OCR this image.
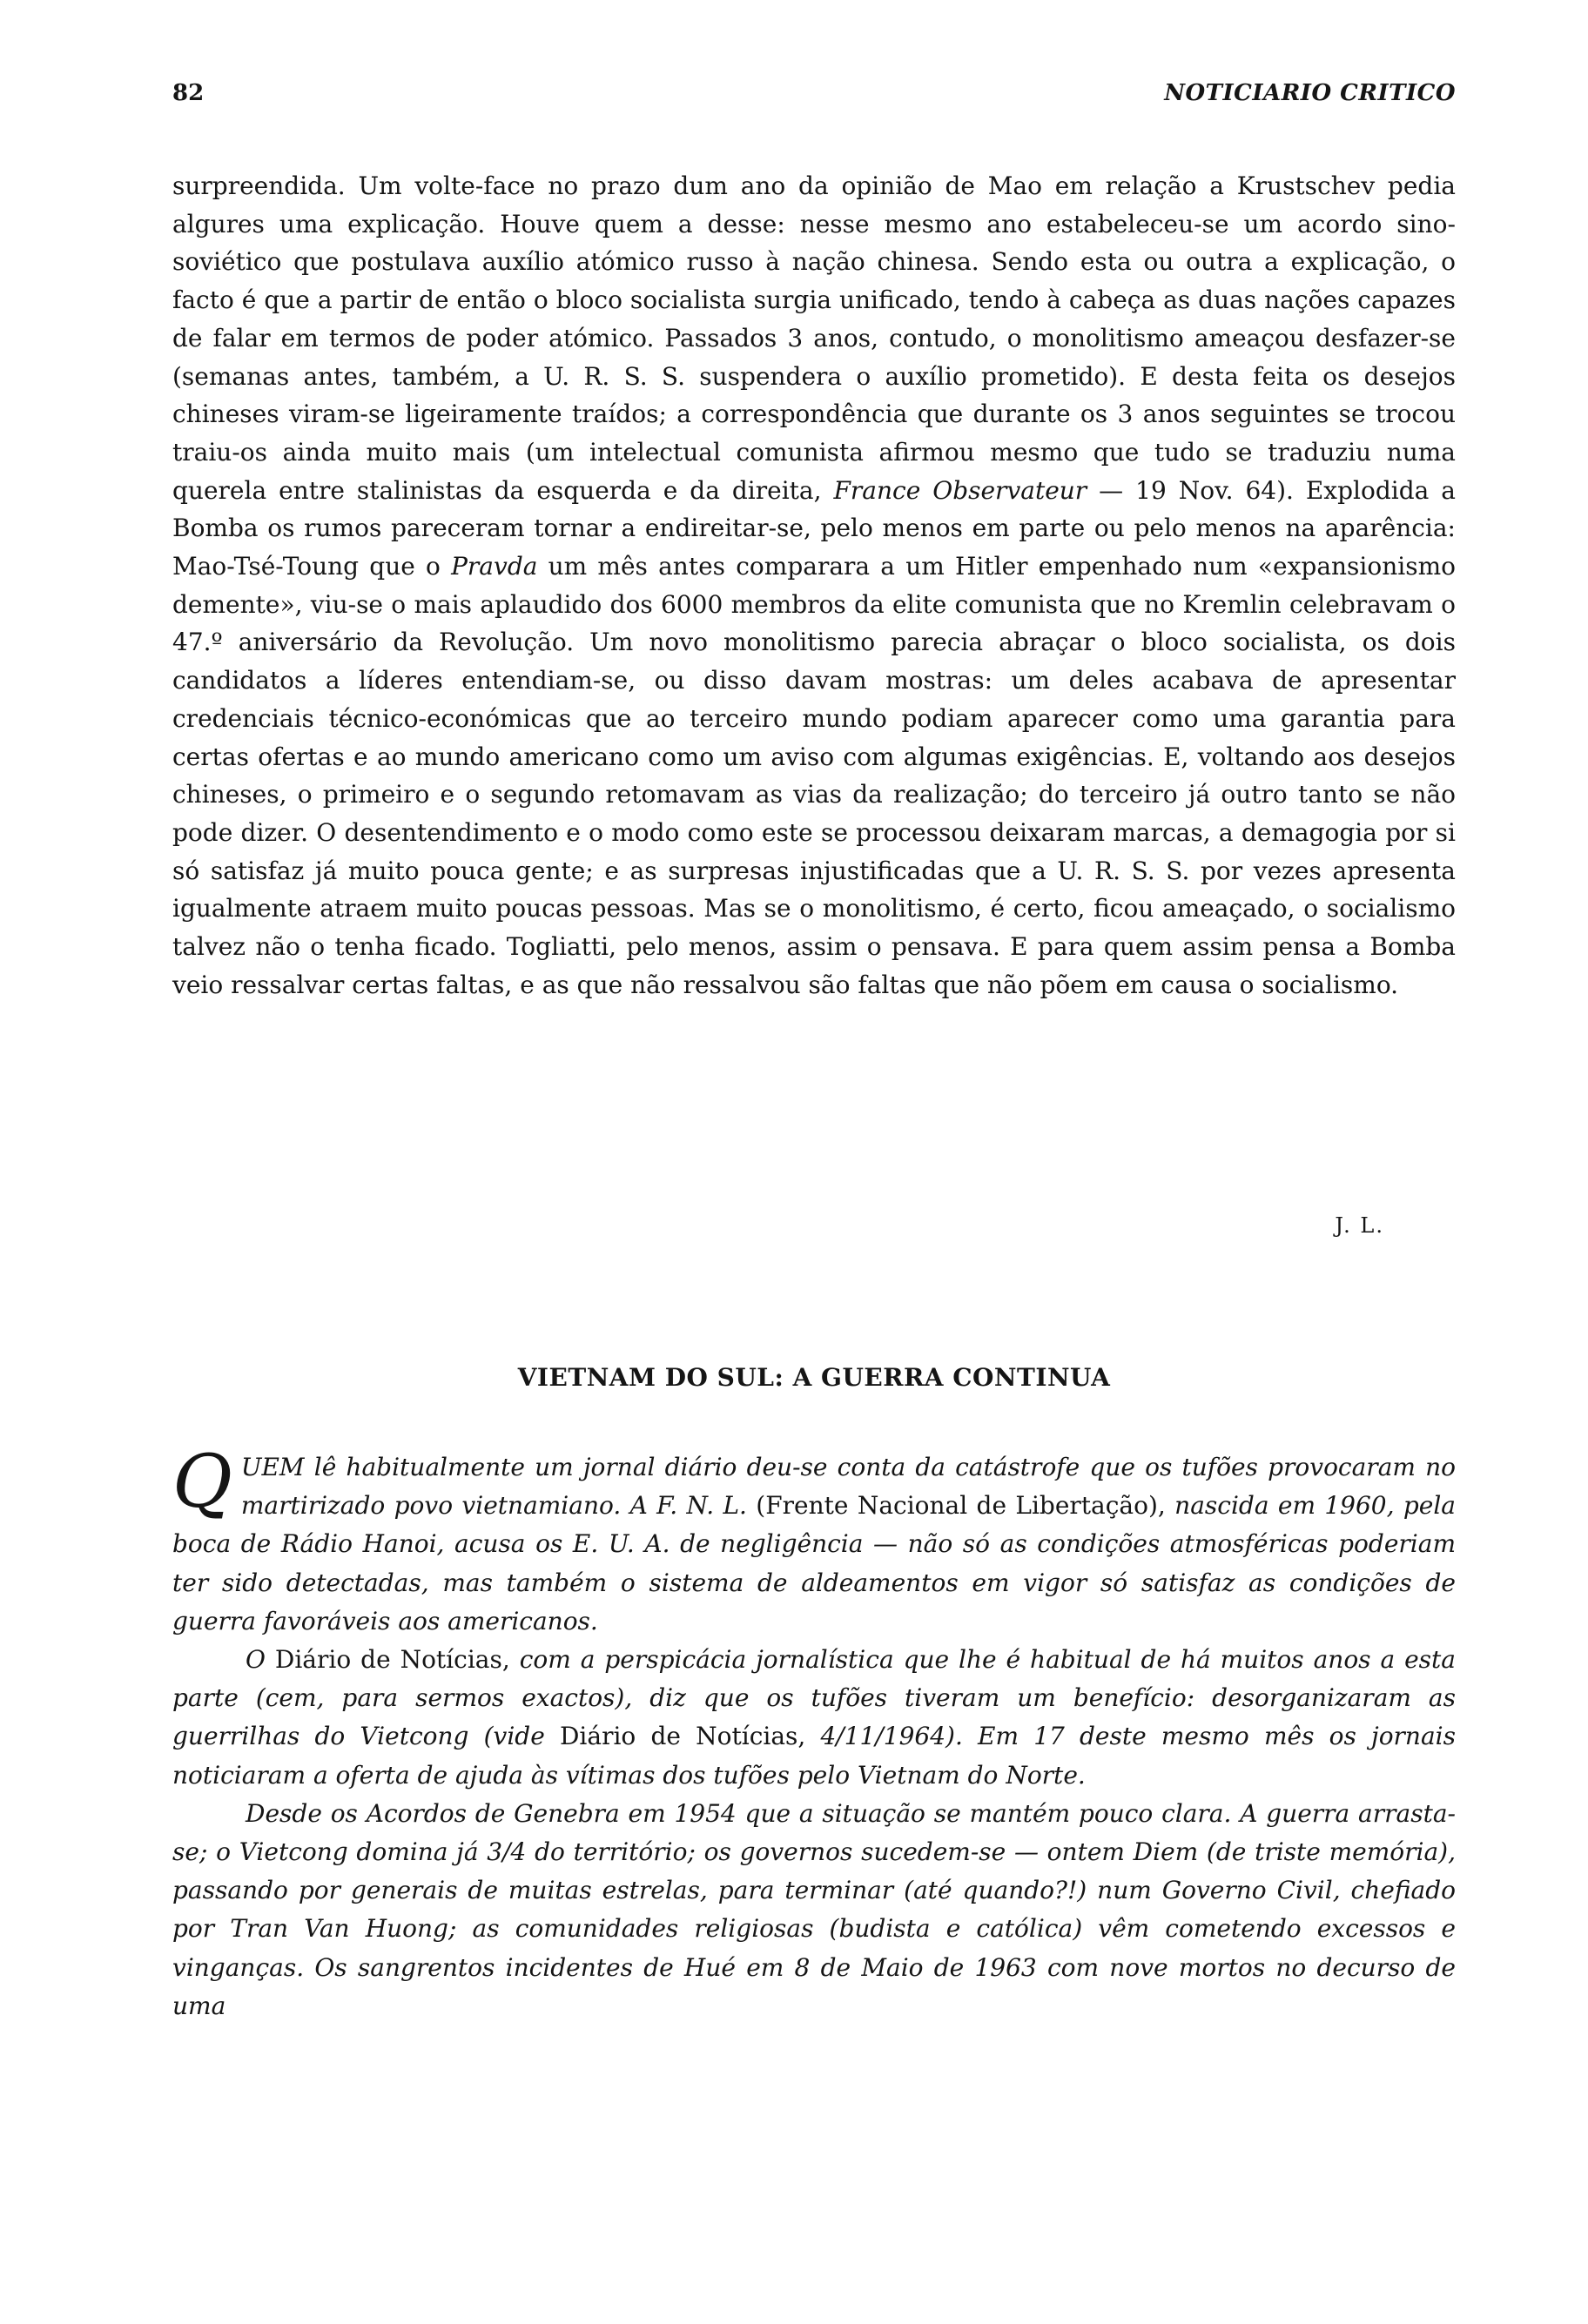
82	NOTICIARIO CRITICO

surpreendida. Um volte-face no prazo dum ano da opinião de Mao em relação a Krustschev pedia algures uma explicação. Houve quem a desse: nesse mesmo ano estabeleceu-se um acordo sino-soviético que postulava auxílio atómico russo à nação chinesa. Sendo esta ou outra a explicação, o facto é que a partir de então o bloco socialista surgia unificado, tendo à cabeça as duas nações capazes de falar em termos de poder atómico. Passados 3 anos, contudo, o monolitismo ameaçou desfazer-se (semanas antes, também, a U. R. S. S. suspendera o auxílio prometido). E desta feita os desejos chineses viram-se ligeiramente traídos; a correspondência que durante os 3 anos seguintes se trocou traiu-os ainda muito mais (um intelectual comunista afirmou mesmo que tudo se traduziu numa querela entre stalinistas da esquerda e da direita, France Observateur — 19 Nov. 64). Explodida a Bomba os rumos pareceram tornar a endireitar-se, pelo menos em parte ou pelo menos na aparência: Mao-Tsé-Toung que o Pravda um mês antes comparara a um Hitler empenhado num «expansionismo demente», viu-se o mais aplaudido dos 6000 membros da elite comunista que no Kremlin celebravam o 47.º aniversário da Revolução. Um novo monolitismo parecia abraçar o bloco socialista, os dois candidatos a líderes entendiam-se, ou disso davam mostras: um deles acabava de apresentar credenciais técnico-económicas que ao terceiro mundo podiam aparecer como uma garantia para certas ofertas e ao mundo americano como um aviso com algumas exigências. E, voltando aos desejos chineses, o primeiro e o segundo retomavam as vias da realização; do terceiro já outro tanto se não pode dizer. O desentendimento e o modo como este se processou deixaram marcas, a demagogia por si só satisfaz já muito pouca gente; e as surpresas injustificadas que a U. R. S. S. por vezes apresenta igualmente atraem muito poucas pessoas. Mas se o monolitismo, é certo, ficou ameaçado, o socialismo talvez não o tenha ficado. Togliatti, pelo menos, assim o pensava. E para quem assim pensa a Bomba veio ressalvar certas faltas, e as que não ressalvou são faltas que não põem em causa o socialismo.

J. L.
VIETNAM DO SUL: A GUERRA CONTINUA

QUEM lê habitualmente um jornal diário deu-se conta da catástrofe que os tufões provocaram no martirizado povo vietnamiano. A F. N. L. (Frente Nacional de Libertação), nascida em 1960, pela boca de Rádio Hanoi, acusa os E. U. A. de negligência — não só as condições atmosféricas poderiam ter sido detectadas, mas também o sistema de aldeamentos em vigor só satisfaz as condições de guerra favoráveis aos americanos.

O Diário de Notícias, com a perspicácia jornalística que lhe é habitual de há muitos anos a esta parte (cem, para sermos exactos), diz que os tufões tiveram um benefício: desorganizaram as guerrilhas do Vietcong (vide Diário de Notícias, 4/11/1964). Em 17 deste mesmo mês os jornais noticiaram a oferta de ajuda às vítimas dos tufões pelo Vietnam do Norte.

Desde os Acordos de Genebra em 1954 que a situação se mantém pouco clara. A guerra arrasta-se; o Vietcong domina já 3/4 do território; os governos sucedem-se — ontem Diem (de triste memória), passando por generais de muitas estrelas, para terminar (até quando?!) num Governo Civil, chefiado por Tran Van Huong; as comunidades religiosas (budista e católica) vêm cometendo excessos e vinganças. Os sangrentos incidentes de Hué em 8 de Maio de 1963 com nove mortos no decurso de uma
